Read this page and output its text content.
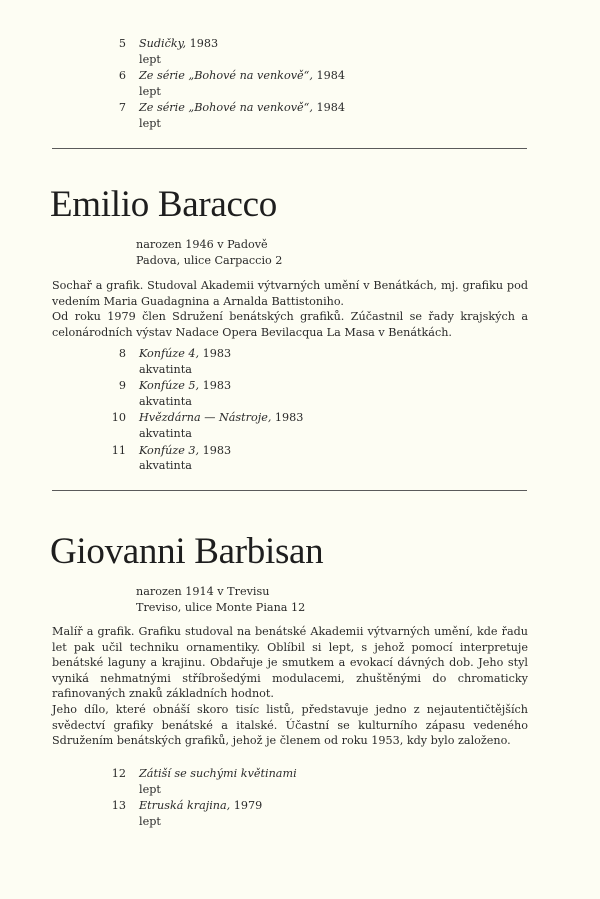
5 Sudičky, 1983
lept
6 Ze série „Bohové na venkově“, 1984
lept
7 Ze série „Bohové na venkově“, 1984
lept
Emilio Baracco
narozen 1946 v Padově
Padova, ulice Carpaccio 2

Sochař a grafik. Studoval Akademii výtvarných umění v Benátkách, mj. grafiku pod vedením Maria Guadagnina a Arnalda Battistoniho.

Od roku 1979 člen Sdružení benátských grafiků. Zúčastnil se řady krajských a celonárodních výstav Nadace Opera Bevilacqua La Masa v Benátkách.

8 Konfúze 4, 1983
akvatinta
9 Konfúze 5, 1983
akvatinta
10 Hvězdárna — Nástroje, 1983
akvatinta
11 Konfúze 3, 1983
akvatinta
Giovanni Barbisan
narozen 1914 v Trevisu
Treviso, ulice Monte Piana 12

Malíř a grafik. Grafiku studoval na benátské Akademii výtvarných umění, kde řadu let pak učil techniku ornamentiky. Oblíbil si lept, s jehož pomocí interpretuje benátské laguny a krajinu. Obdařuje je smutkem a evokací dávných dob. Jeho styl vyniká nehmatnými stříbrošedými modulacemi, zhuštěnými do chromaticky rafinovaných znaků základních hodnot.

Jeho dílo, které obnáší skoro tisíc listů, představuje jedno z nejautentičtějších svědectví grafiky benátské a italské. Účastní se kulturního zápasu vedeného Sdružením benátských grafiků, jehož je členem od roku 1953, kdy bylo založeno.

12 Zátiší se suchými květinami
lept
13 Etruská krajina, 1979
lept
